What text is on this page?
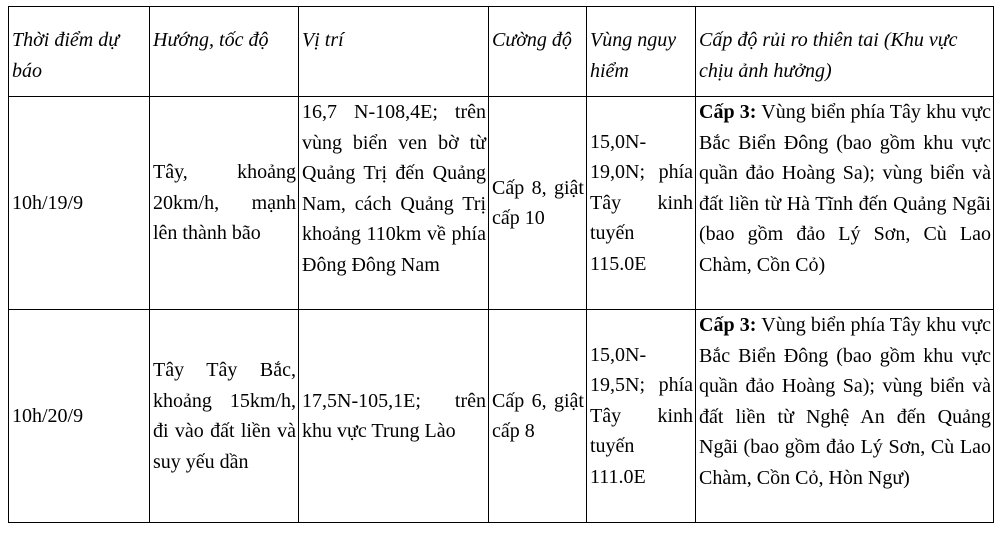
Thời điểm dự báo	Hướng, tốc độ	Vị trí	Cường độ	Vùng nguy hiểm	Cấp độ rủi ro thiên tai (Khu vực chịu ảnh hưởng)
10h/19/9	Tây, khoảng 20km/h, mạnh lên thành bão	16,7 N-108,4E; trên vùng biển ven bờ từ Quảng Trị đến Quảng Nam, cách Quảng Trị khoảng 110km về phía Đông Đông Nam	Cấp 8, giật cấp 10	15,0N-19,0N; phía Tây kinh tuyến 115.0E	Cấp 3: Vùng biển phía Tây khu vực Bắc Biển Đông (bao gồm khu vực quần đảo Hoàng Sa); vùng biển và đất liền từ Hà Tĩnh đến Quảng Ngãi (bao gồm đảo Lý Sơn, Cù Lao Chàm, Cồn Cỏ)
10h/20/9	Tây Tây Bắc, khoảng 15km/h, đi vào đất liền và suy yếu dần	17,5N-105,1E; trên khu vực Trung Lào	Cấp 6, giật cấp 8	15,0N-19,5N; phía Tây kinh tuyến 111.0E	Cấp 3: Vùng biển phía Tây khu vực Bắc Biển Đông (bao gồm khu vực quần đảo Hoàng Sa); vùng biển và đất liền từ Nghệ An đến Quảng Ngãi (bao gồm đảo Lý Sơn, Cù Lao Chàm, Cồn Cỏ, Hòn Ngư)
